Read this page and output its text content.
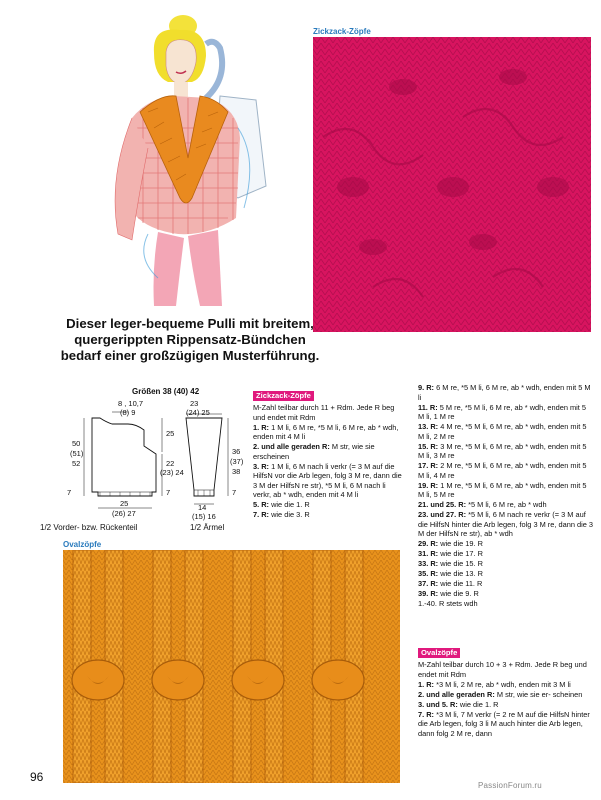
Zickzack-Zöpfe
Dieser leger-bequeme Pulli mit breitem, quergerippten Rippensatz-Bündchen bedarf einer großzügigen Musterführung.
Größen 38 (40) 42
8 , 10,7
(8) 9
50
(51)
52
7
25
22
(23) 24
7
25
(26) 27
1/2 Vorder- bzw. Rückenteil
23
(24) 25
36
(37)
38
7
14
(15) 16
1/2 Ärmel
Zickzack-Zöpfe

M-Zahl teilbar durch 11 + Rdm. Jede R beg und endet mit Rdm

1. R: 1 M li, 6 M re, *5 M li, 6 M re, ab * wdh, enden mit 4 M li

2. und alle geraden R: M str, wie sie erscheinen

3. R: 1 M li, 6 M nach li verkr (= 3 M auf die HilfsN vor die Arb legen, folg 3 M re, dann die 3 M der HilfsN re str), *5 M li, 6 M nach li verkr, ab * wdh, enden mit 4 M li

5. R: wie die 1. R

7. R: wie die 3. R

Ovalzöpfe

9. R: 6 M re, *5 M li, 6 M re, ab * wdh, enden mit 5 M li

11. R: 5 M re, *5 M li, 6 M re, ab * wdh, enden mit 5 M li, 1 M re

13. R: 4 M re, *5 M li, 6 M re, ab * wdh, enden mit 5 M li, 2 M re

15. R: 3 M re, *5 M li, 6 M re, ab * wdh, enden mit 5 M li, 3 M re

17. R: 2 M re, *5 M li, 6 M re, ab * wdh, enden mit 5 M li, 4 M re

19. R: 1 M re, *5 M li, 6 M re, ab * wdh, enden mit 5 M li, 5 M re

21. und 25. R: *5 M li, 6 M re, ab * wdh

23. und 27. R: *5 M li, 6 M nach re verkr (= 3 M auf die HilfsN hinter die Arb legen, folg 3 M re, dann die 3 M der HilfsN re str), ab * wdh

29. R: wie die 19. R

31. R: wie die 17. R

33. R: wie die 15. R

35. R: wie die 13. R

37. R: wie die 11. R

39. R: wie die 9. R

1.-40. R stets wdh

Ovalzöpfe

M-Zahl teilbar durch 10 + 3 + Rdm. Jede R beg und endet mit Rdm

1. R: *3 M li, 2 M re, ab * wdh, enden mit 3 M li

2. und alle geraden R: M str, wie sie er- scheinen

3. und 5. R: wie die 1. R

7. R: *3 M li, 7 M verkr (= 2 re M auf die HilfsN hinter die Arb legen, folg 3 li M auch hinter die Arb legen, dann folg 2 M re, dann

96
PassionForum.ru
